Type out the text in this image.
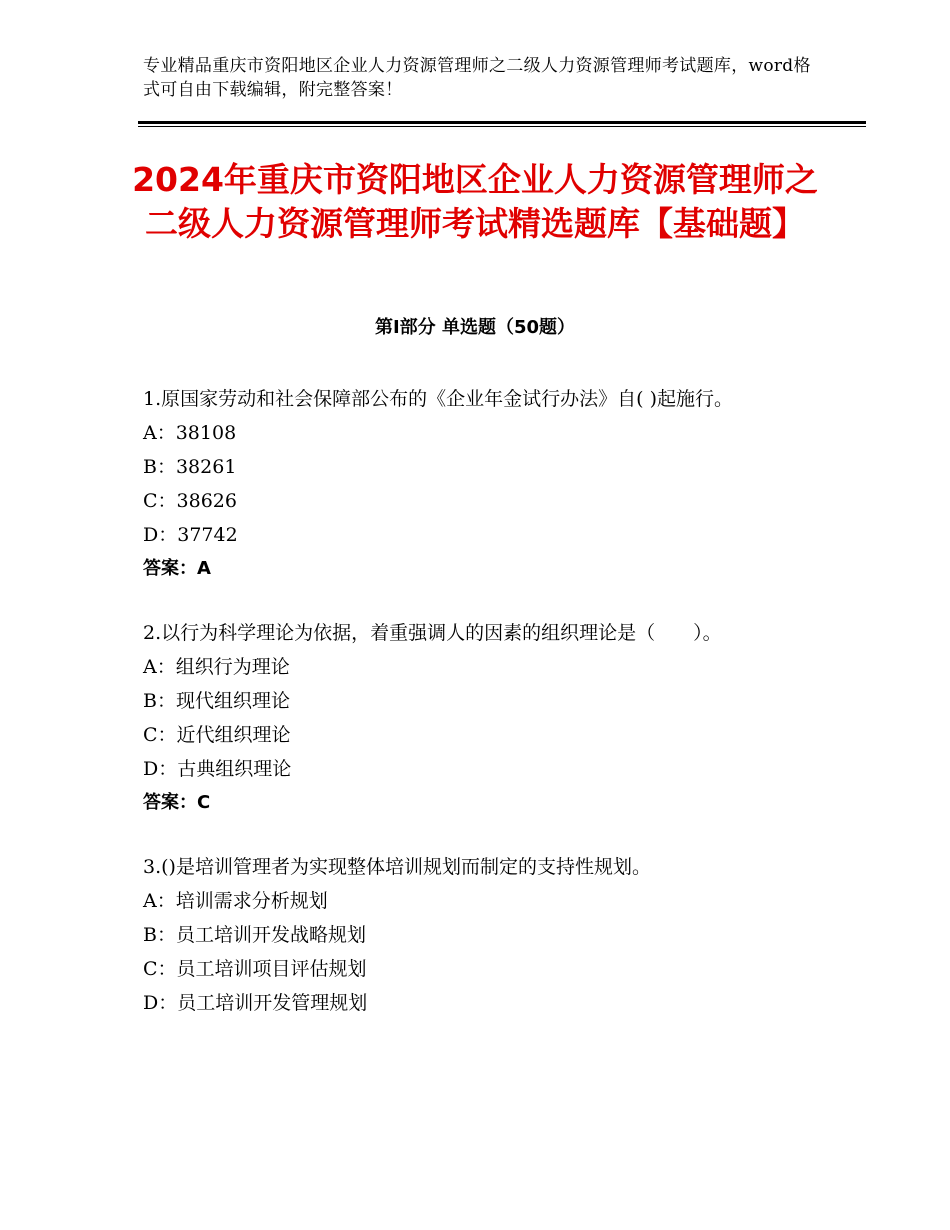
专业精品重庆市资阳地区企业人力资源管理师之二级人力资源管理师考试题库，word格式可自由下载编辑，附完整答案！
2024年重庆市资阳地区企业人力资源管理师之二级人力资源管理师考试精选题库【基础题】
第Ⅰ部分 单选题（50题）
1.原国家劳动和社会保障部公布的《企业年金试行办法》自( )起施行。
A：38108
B：38261
C：38626
D：37742
答案：A
2.以行为科学理论为依据，着重强调人的因素的组织理论是（　　）。
A：组织行为理论
B：现代组织理论
C：近代组织理论
D：古典组织理论
答案：C
3.()是培训管理者为实现整体培训规划而制定的支持性规划。
A：培训需求分析规划
B：员工培训开发战略规划
C：员工培训项目评估规划
D：员工培训开发管理规划
